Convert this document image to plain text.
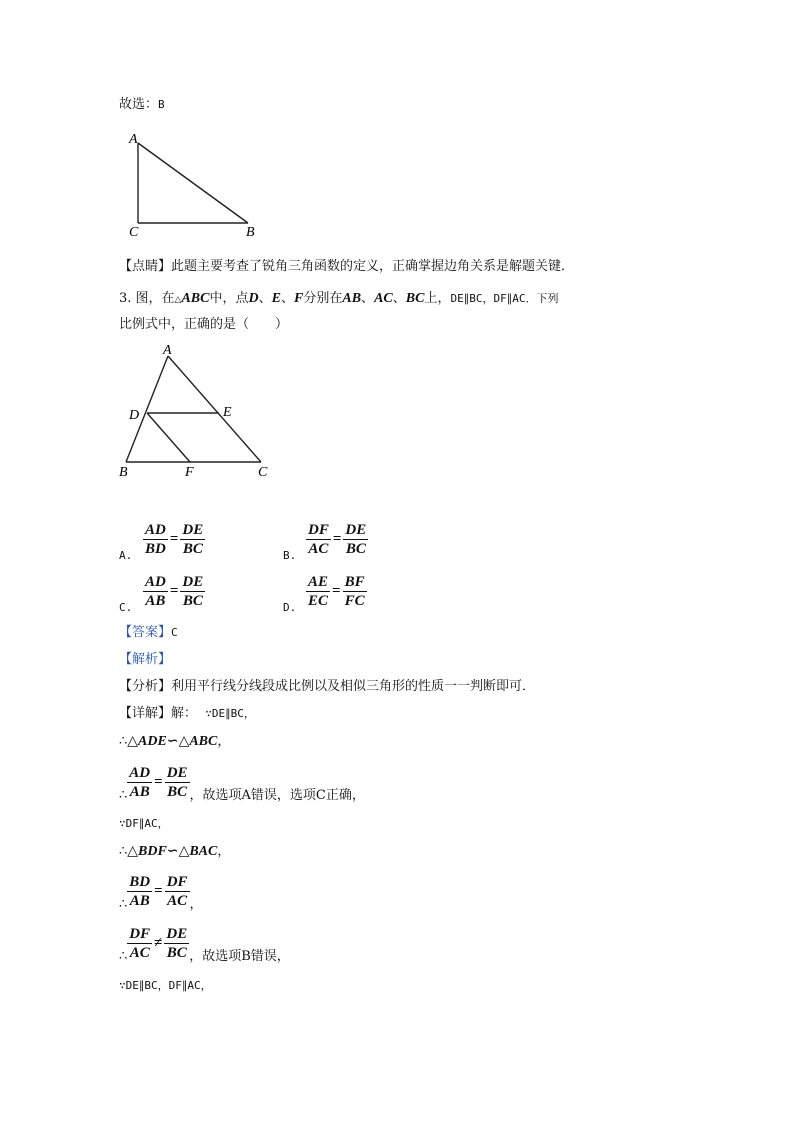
故选：B
A
C	B
【点睛】此题主要考查了锐角三角函数的定义，正确掌握边角关系是解题关键．
3. 图，在△ABC中，点D、E、F分别在AB、AC、BC上，DE∥BC，DF∥AC．下列
比例式中，正确的是（　　）
A
D	E
B	F	C
A. $\frac{AD}{BD} = \frac{DE}{BC}$	B. $\frac{DF}{AC} = \frac{DE}{BC}$
C. $\frac{AD}{AB} = \frac{DE}{BC}$	D. $\frac{AE}{EC} = \frac{BF}{FC}$
【答案】C
【解析】
【分析】利用平行线分线段成比例以及相似三角形的性质一一判断即可．
【详解】解： ∵DE∥BC，
∴△ADE∽△ABC，
∴ $\frac{AD}{AB} = \frac{DE}{BC}$ ，故选项A错误，选项C正确，
∵DF∥AC，
∴△BDF∽△BAC，
∴ $\frac{BD}{AB} = \frac{DF}{AC}$ ，
∴ $\frac{DF}{AC} \ne \frac{DE}{BC}$ ，故选项B错误，
∵DE∥BC，DF∥AC，
